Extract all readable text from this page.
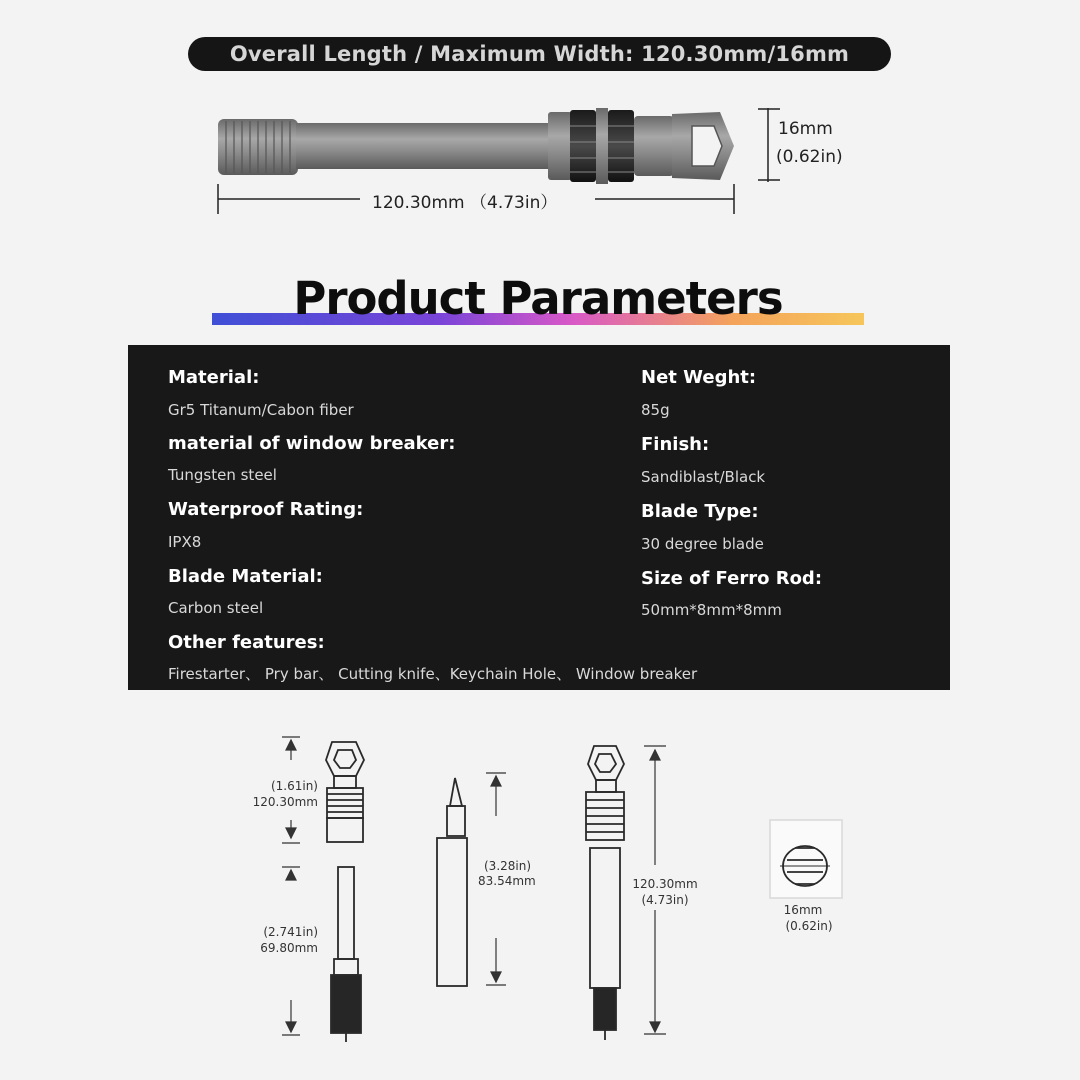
Overall Length / Maximum Width: 120.30mm/16mm
120.30mm （4.73in）
16mm
(0.62in)
Product Parameters
Material:
Gr5 Titanum/Cabon fiber
material of window breaker:
Tungsten steel
Waterproof Rating:
IPX8
Blade Material:
Carbon steel
Other features:
Firestarter、 Pry bar、 Cutting knife、Keychain Hole、 Window breaker
Net Weght:
85g
Finish:
Sandiblast/Black
Blade Type:
30 degree blade
Size of Ferro Rod:
50mm*8mm*8mm
(1.61in)
120.30mm
(2.741in)
69.80mm
(3.28in)
83.54mm	120.30mm
(4.73in)
16mm
(0.62in)
